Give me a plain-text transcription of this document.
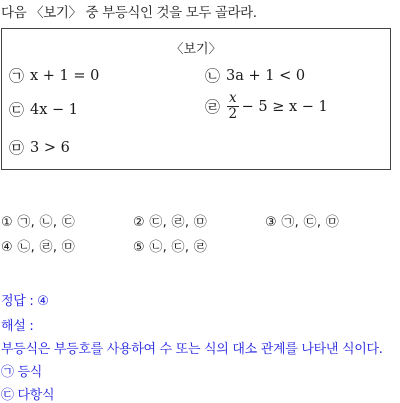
다음 〈보기〉 중 부등식인 것을 모두 골라라.
〈보기〉
㉠ x + 1 = 0	㉡ 3a + 1 < 0
㉢ 4x − 1	㉣ $\frac{x}{2} - 5 \ge x - 1$
㉤ 3 > 6
① ㉠, ㉡, ㉢	② ㉢, ㉣, ㉤	③ ㉠, ㉢, ㉤
④ ㉡, ㉣, ㉤	⑤ ㉡, ㉢, ㉣
정답 : ④
해설 :
부등식은 부등호를 사용하여 수 또는 식의 대소 관계를 나타낸 식이다.
㉠ 등식
㉢ 다항식
